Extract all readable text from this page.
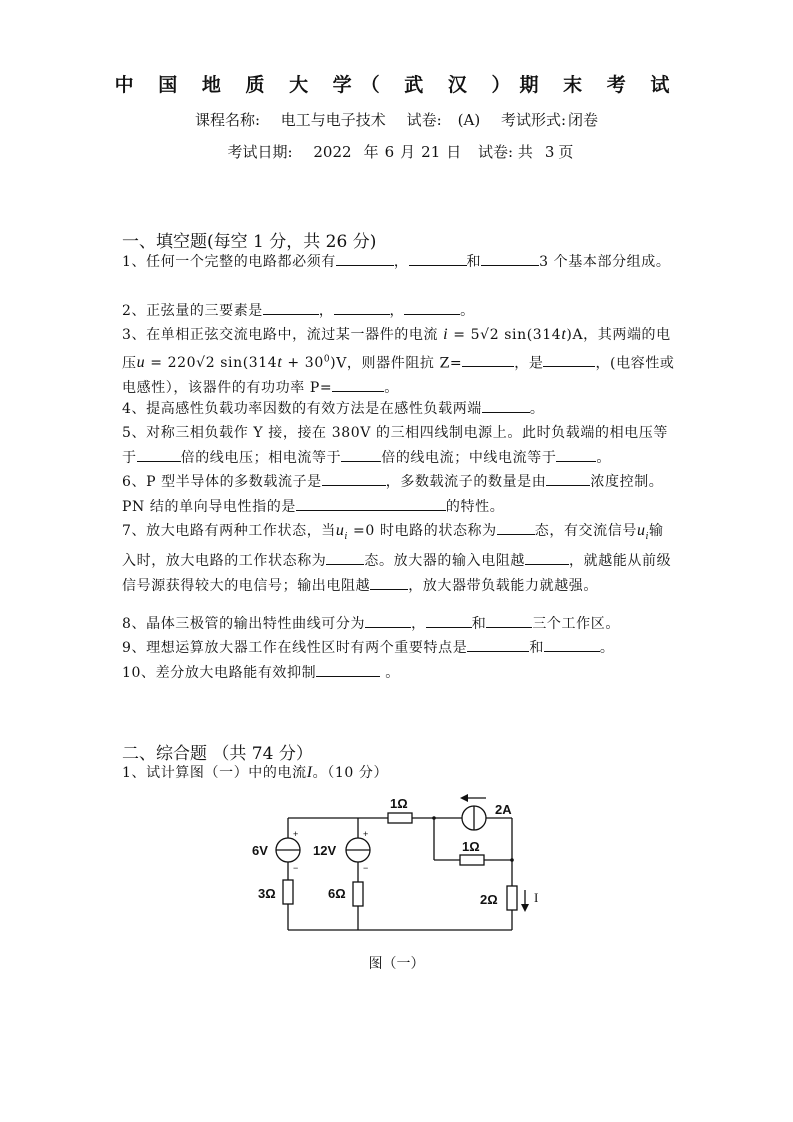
中 国 地 质 大 学（ 武 汉 ）期 末 考 试
课程名称: 电工与电子技术 试卷: (A) 考试形式: 闭卷
考试日期: 2022 年 6 月 21 日 试卷: 共 3 页
一、填空题(每空 1 分，共 26 分)
1、任何一个完整的电路都必须有	，	和	3 个基本部分组成。
2、正弦量的三要素是	，	，	。
3、在单相正弦交流电路中，流过某一器件的电流 i = 5√2 sin(314t)A，其两端的电压u = 220√2 $\sin(314t + 30^0)V$，则器件阻抗 Z=	，是	，(电容性或电感性），该器件的有功功率 P=	。
4、提高感性负载功率因数的有效方法是在感性负载两端	。
5、对称三相负载作 Y 接，接在 380V 的三相四线制电源上。此时负载端的相电压等于	倍的线电压；相电流等于	倍的线电流；中线电流等于	。
6、P 型半导体的多数载流子是	，多数载流子的数量是由	浓度控制。PN 结的单向导电性指的是	的特性。
7、放大电路有两种工作状态，当$u_i =0$ 时电路的状态称为	态，有交流信号$u_i$输入时，放大电路的工作状态称为	态。放大器的输入电阻越	，就越能从前级信号源获得较大的电信号；输出电阻越	，放大器带负载能力就越强。
8、晶体三极管的输出特性曲线可分为	，	和	三个工作区。
9、理想运算放大器工作在线性区时有两个重要特点是	和	。
10、差分放大电路能有效抑制	。
二、综合题 （共 74 分）
1、试计算图（一）中的电流I。（10 分）
6V	12V
3Ω	6Ω
1Ω
1Ω
2Ω
2A
I
+
−
+
−
图（一）
